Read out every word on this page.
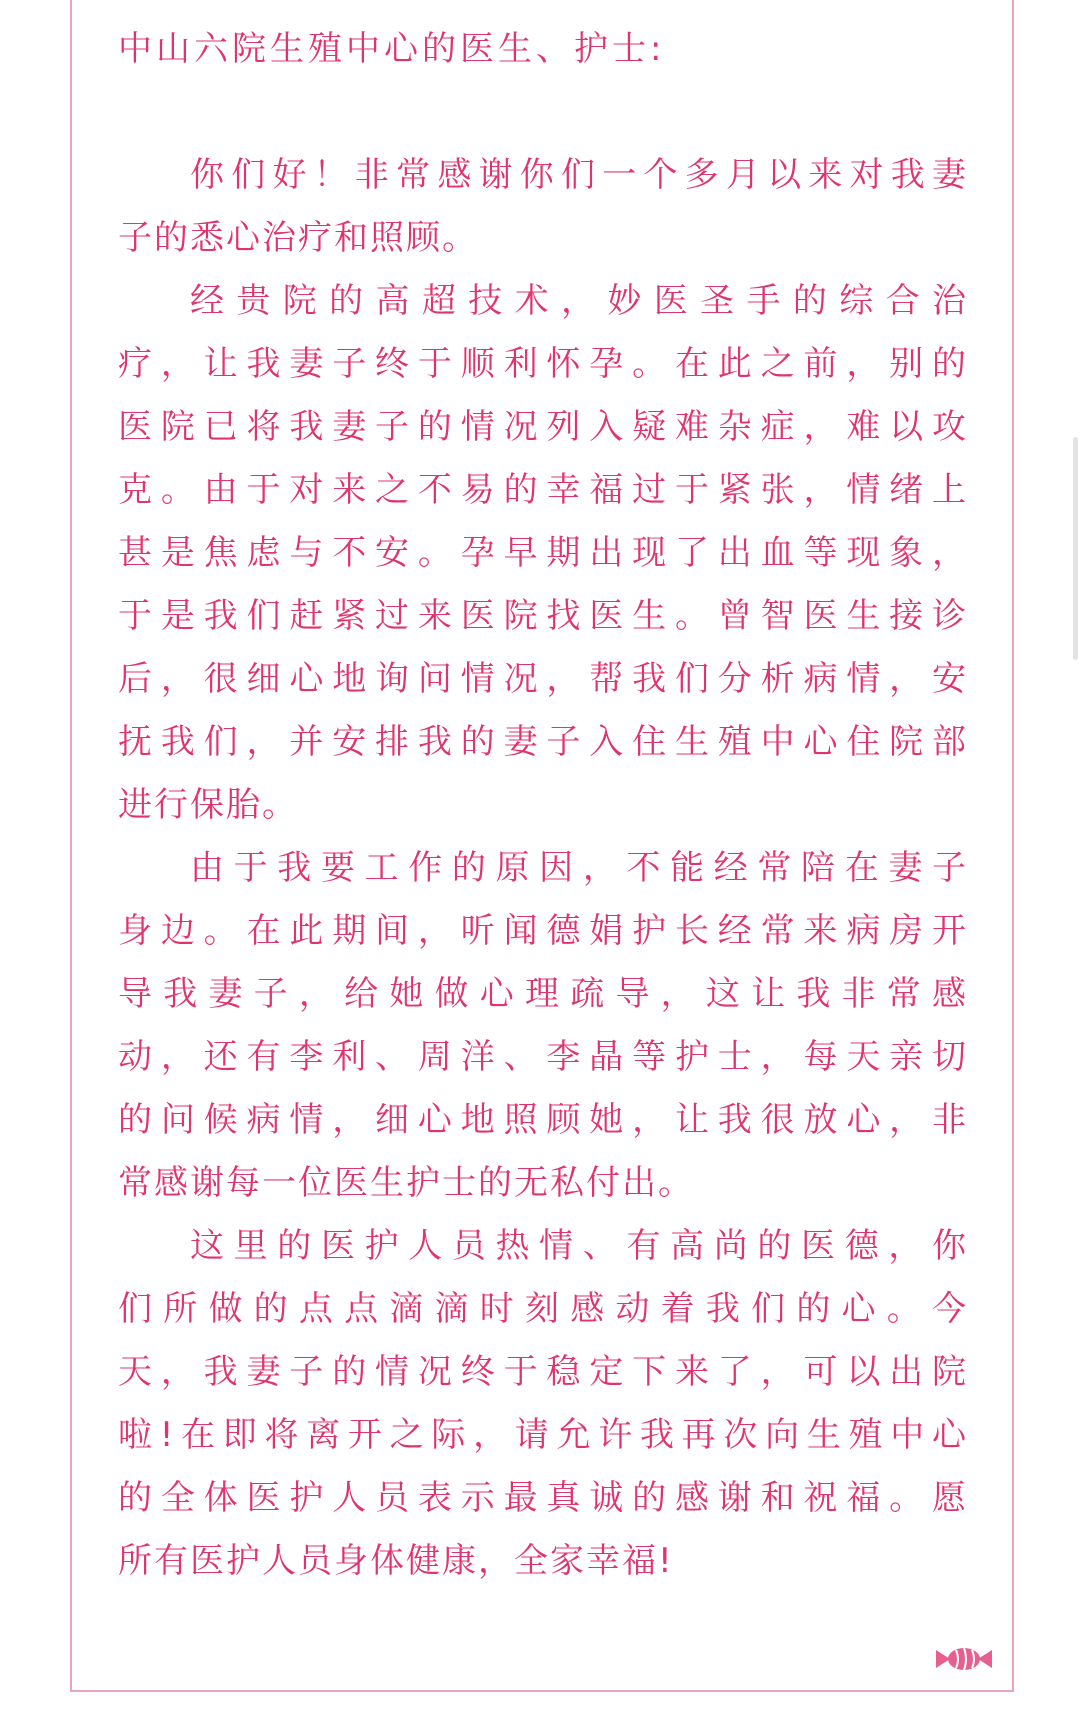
中山六院生殖中心的医生、护士:
你们好！非常感谢你们一个多月以来对我妻
子的悉心治疗和照顾。
经贵院的高超技术，妙医圣手的综合治
疗，让我妻子终于顺利怀孕。在此之前，别的
医院已将我妻子的情况列入疑难杂症，难以攻
克。由于对来之不易的幸福过于紧张，情绪上
甚是焦虑与不安。孕早期出现了出血等现象，
于是我们赶紧过来医院找医生。曾智医生接诊
后，很细心地询问情况，帮我们分析病情，安
抚我们，并安排我的妻子入住生殖中心住院部
进行保胎。
由于我要工作的原因，不能经常陪在妻子
身边。在此期间，听闻德娟护长经常来病房开
导我妻子，给她做心理疏导，这让我非常感
动，还有李利、周洋、李晶等护士，每天亲切
的问候病情，细心地照顾她，让我很放心，非
常感谢每一位医生护士的无私付出。
这里的医护人员热情、有高尚的医德，你
们所做的点点滴滴时刻感动着我们的心。今
天，我妻子的情况终于稳定下来了，可以出院
啦!在即将离开之际，请允许我再次向生殖中心
的全体医护人员表示最真诚的感谢和祝福。愿
所有医护人员身体健康，全家幸福!
